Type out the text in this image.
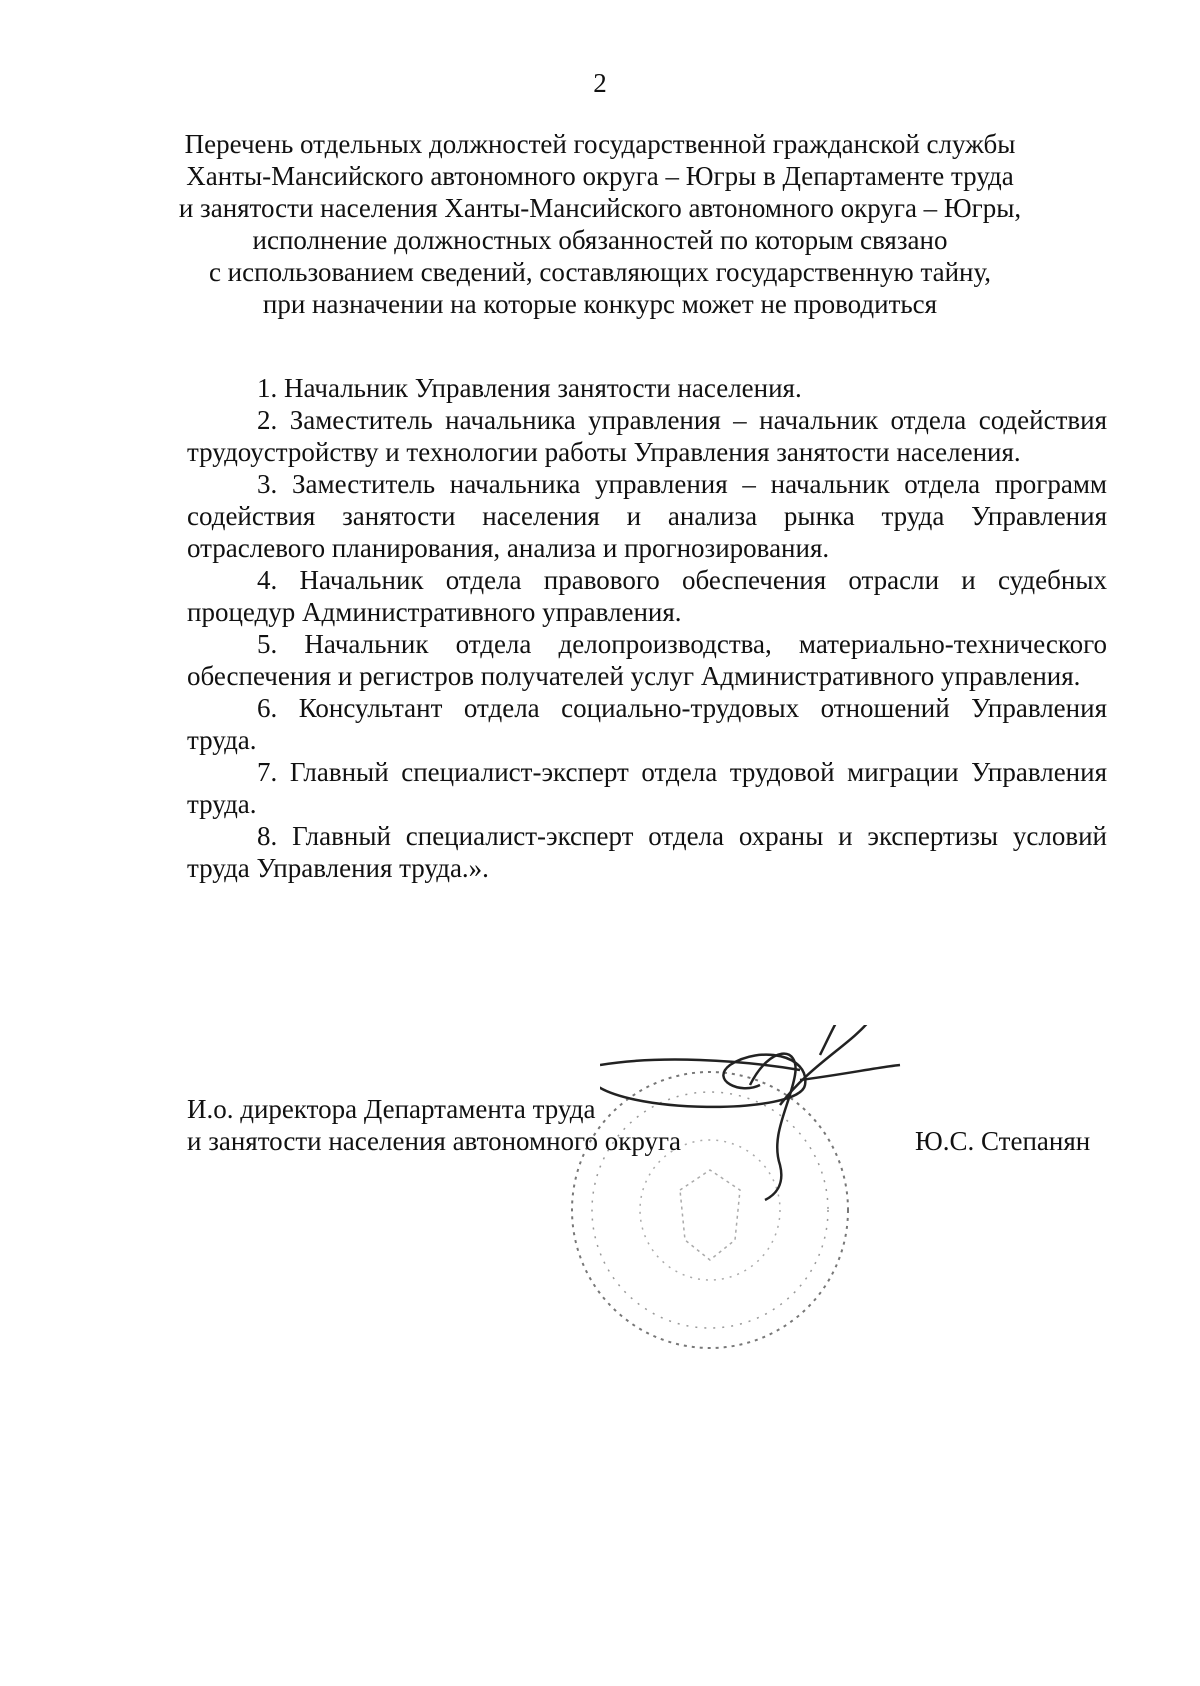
2
Перечень отдельных должностей государственной гражданской службы
Ханты-Мансийского автономного округа – Югры в Департаменте труда
и занятости населения Ханты-Мансийского автономного округа – Югры,
исполнение должностных обязанностей по которым связано
с использованием сведений, составляющих государственную тайну,
при назначении на которые конкурс может не проводиться
1. Начальник Управления занятости населения.
2. Заместитель начальника управления – начальник отдела содействия трудоустройству и технологии работы Управления занятости населения.
3. Заместитель начальника управления – начальник отдела программ содействия занятости населения и анализа рынка труда Управления отраслевого планирования, анализа и прогнозирования.
4. Начальник отдела правового обеспечения отрасли и судебных процедур Административного управления.
5. Начальник отдела делопроизводства, материально-технического обеспечения и регистров получателей услуг Административного управления.
6. Консультант отдела социально-трудовых отношений Управления труда.
7. Главный специалист-эксперт отдела трудовой миграции Управления труда.
8. Главный специалист-эксперт отдела охраны и экспертизы условий труда Управления труда.».
И.о. директора Департамента труда
и занятости населения автономного округа	Ю.С. Степанян
